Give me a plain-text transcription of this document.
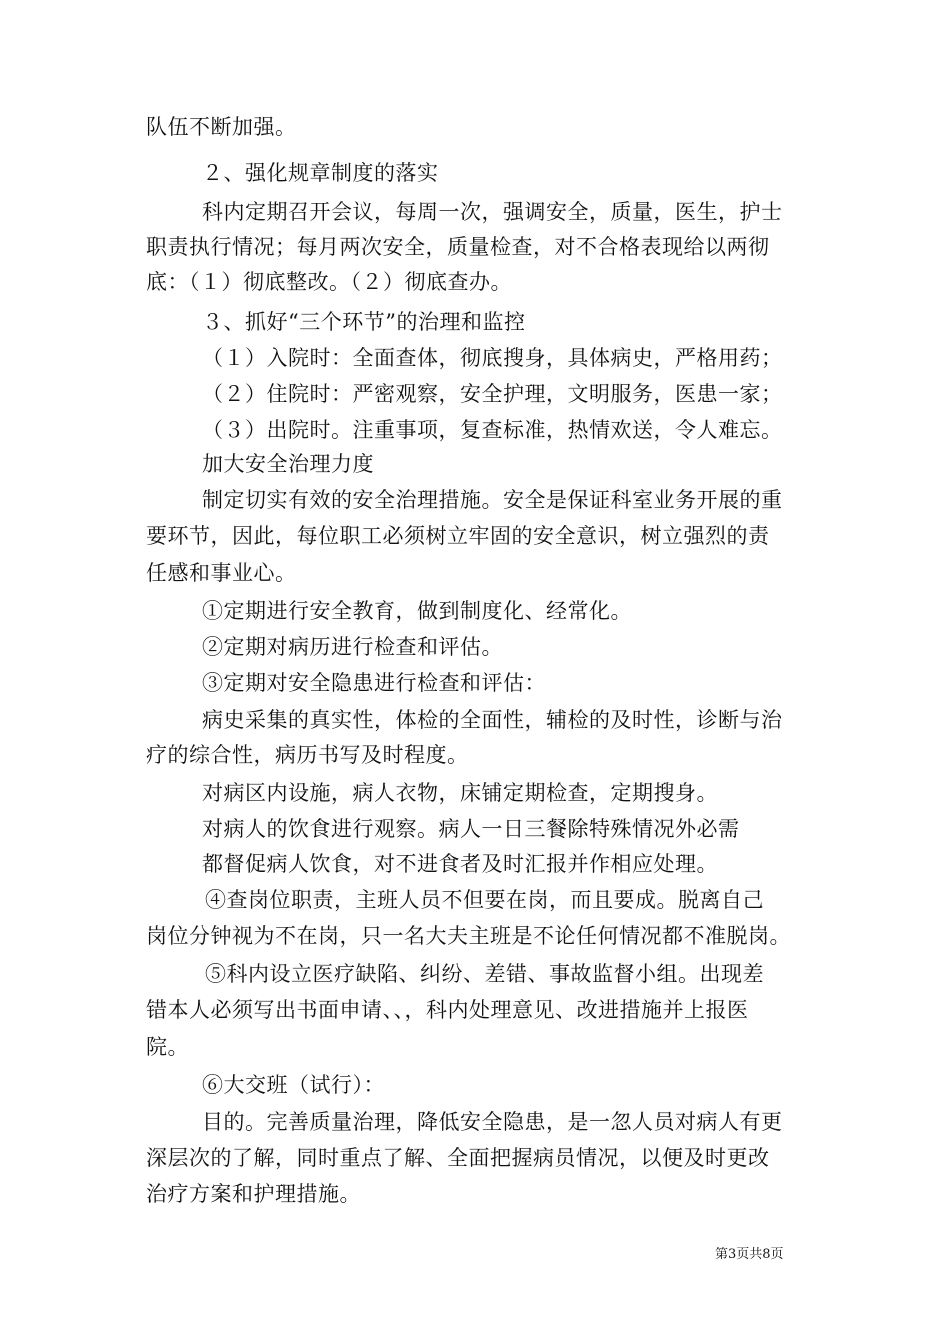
队伍不断加强。
２、强化规章制度的落实
科内定期召开会议，每周一次，强调安全，质量，医生，护士
职责执行情况；每月两次安全，质量检查，对不合格表现给以两彻
底：（１）彻底整改。（２）彻底查办。
３、抓好“三个环节”的治理和监控
（１）入院时：全面查体，彻底搜身，具体病史，严格用药；
（２）住院时：严密观察，安全护理，文明服务，医患一家；
（３）出院时。注重事项，复查标准，热情欢送，令人难忘。
加大安全治理力度
制定切实有效的安全治理措施。安全是保证科室业务开展的重
要环节，因此，每位职工必须树立牢固的安全意识，树立强烈的责
任感和事业心。
①定期进行安全教育，做到制度化、经常化。
②定期对病历进行检查和评估。
③定期对安全隐患进行检查和评估：
病史采集的真实性，体检的全面性，辅检的及时性，诊断与治
疗的综合性，病历书写及时程度。
对病区内设施，病人衣物，床铺定期检查，定期搜身。
对病人的饮食进行观察。病人一日三餐除特殊情况外必需
都督促病人饮食，对不进食者及时汇报并作相应处理。
④查岗位职责，主班人员不但要在岗，而且要成。脱离自己
岗位分钟视为不在岗，只一名大夫主班是不论任何情况都不准脱岗。
⑤科内设立医疗缺陷、纠纷、差错、事故监督小组。出现差
错本人必须写出书面申请、、，科内处理意见、改进措施并上报医
院。
⑥大交班（试行）：
目的。完善质量治理，降低安全隐患，是一忽人员对病人有更
深层次的了解，同时重点了解、全面把握病员情况，以便及时更改
治疗方案和护理措施。
第3页共8页
